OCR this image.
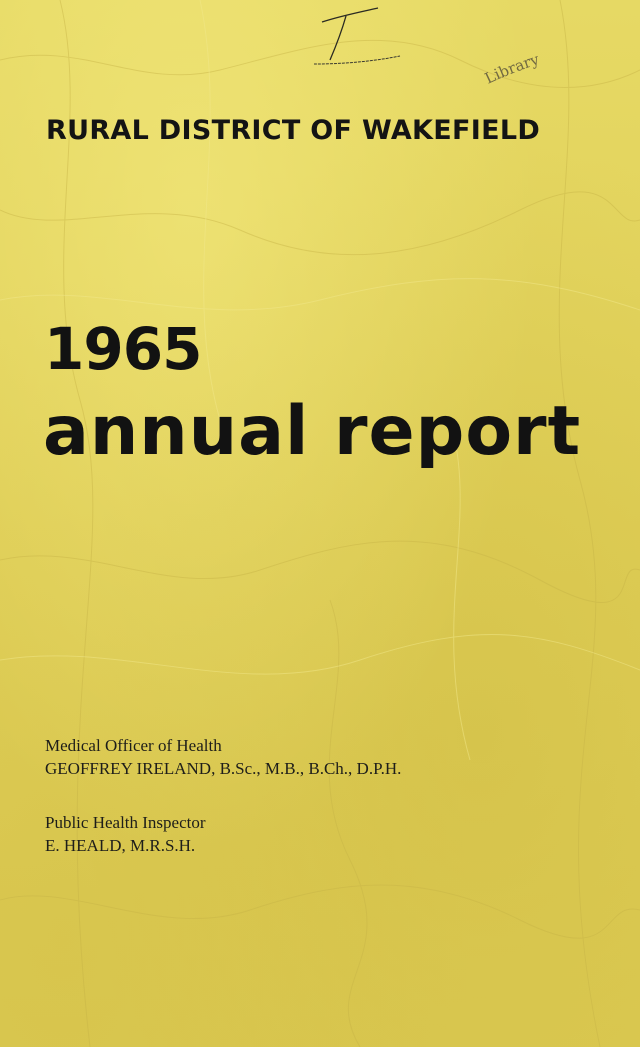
Library
RURAL DISTRICT OF WAKEFIELD
1965
annual report

Medical Officer of Health

GEOFFREY IRELAND, B.Sc., M.B., B.Ch., D.P.H.

Public Health Inspector

E. HEALD, M.R.S.H.
